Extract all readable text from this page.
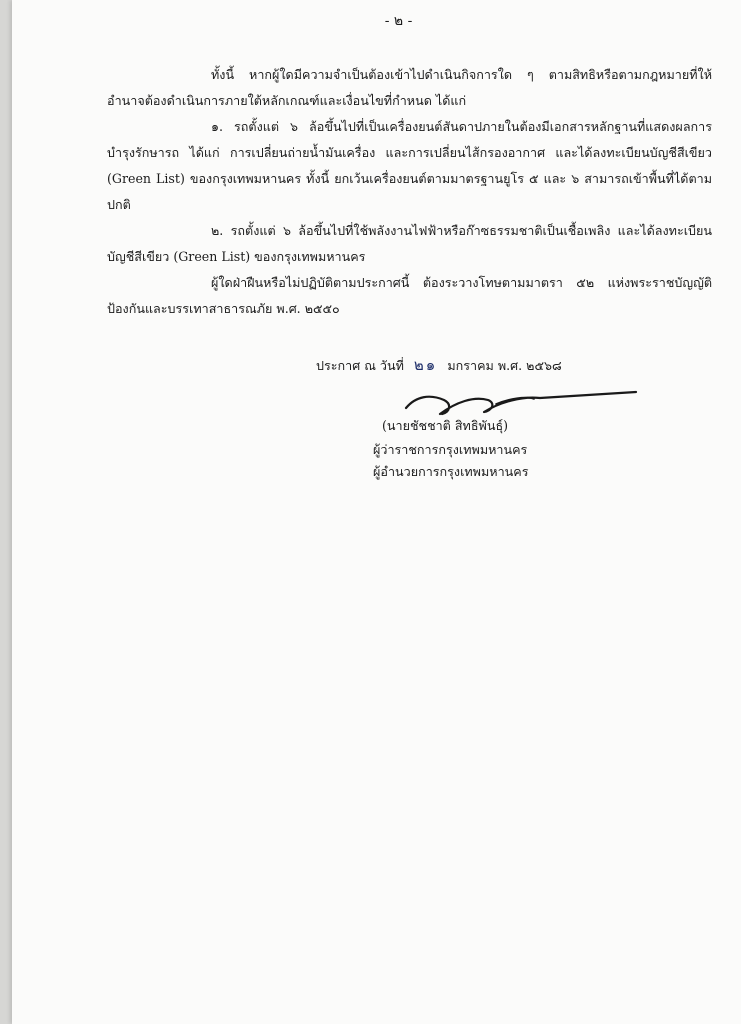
- ๒ -

ทั้งนี้ หากผู้ใดมีความจำเป็นต้องเข้าไปดำเนินกิจการใด ๆ ตามสิทธิหรือตามกฎหมายที่ให้อำนาจต้องดำเนินการภายใต้หลักเกณฑ์และเงื่อนไขที่กำหนด ได้แก่

๑. รถตั้งแต่ ๖ ล้อขึ้นไปที่เป็นเครื่องยนต์สันดาปภายในต้องมีเอกสารหลักฐานที่แสดงผลการบำรุงรักษารถ ได้แก่ การเปลี่ยนถ่ายน้ำมันเครื่อง และการเปลี่ยนไส้กรองอากาศ และได้ลงทะเบียนบัญชีสีเขียว (Green List) ของกรุงเทพมหานคร ทั้งนี้ ยกเว้นเครื่องยนต์ตามมาตรฐานยูโร ๕ และ ๖ สามารถเข้าพื้นที่ได้ตามปกติ

๒. รถตั้งแต่ ๖ ล้อขึ้นไปที่ใช้พลังงานไฟฟ้าหรือก๊าซธรรมชาติเป็นเชื้อเพลิง และได้ลงทะเบียนบัญชีสีเขียว (Green List) ของกรุงเทพมหานคร

ผู้ใดฝ่าฝืนหรือไม่ปฏิบัติตามประกาศนี้ ต้องระวางโทษตามมาตรา ๕๒ แห่งพระราชบัญญัติป้องกันและบรรเทาสาธารณภัย พ.ศ. ๒๕๕๐

ประกาศ ณ วันที่ ๒๑ มกราคม พ.ศ. ๒๕๖๘
(นายชัชชาติ สิทธิพันธุ์)
ผู้ว่าราชการกรุงเทพมหานคร
ผู้อำนวยการกรุงเทพมหานคร
